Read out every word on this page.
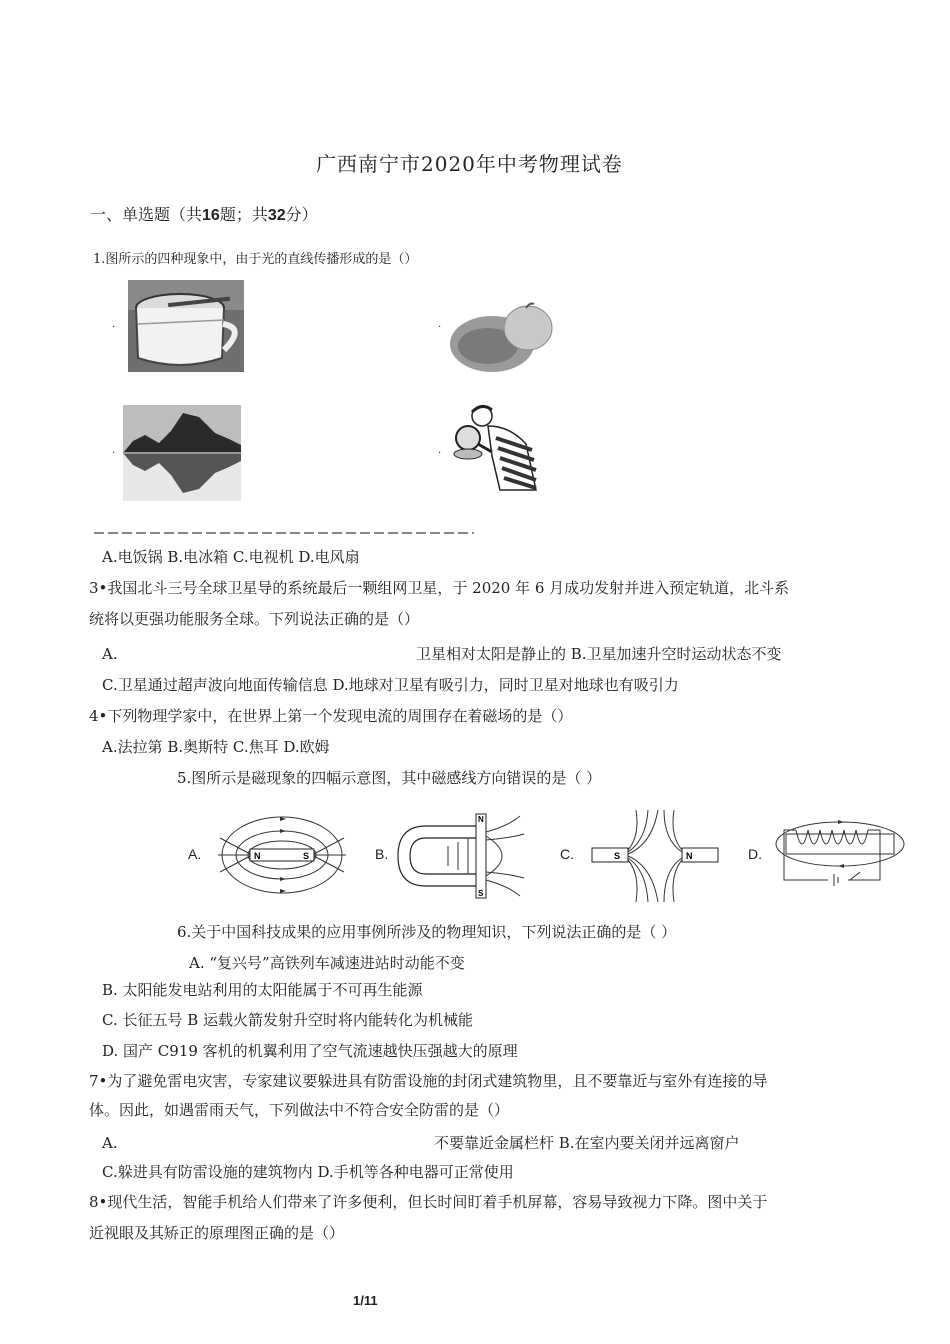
广西南宁市2020年中考物理试卷
一、单选题（共16题；共32分）
1.图所示的四种现象中，由于光的直线传播形成的是（）
·	·
·	·
A.电饭锅 B.电冰箱 C.电视机 D.电风扇
3•我国北斗三号全球卫星导的系统最后一颗组网卫星，于 2020 年 6 月成功发射并进入预定轨道，北斗系
统将以更强功能服务全球。下列说法正确的是（）
A.	卫星相对太阳是静止的 B.卫星加速升空时运动状态不变
C.卫星通过超声波向地面传输信息 D.地球对卫星有吸引力，同时卫星对地球也有吸引力
4•下列物理学家中，在世界上第一个发现电流的周围存在着磁场的是（）
A.法拉第 B.奥斯特 C.焦耳 D.欧姆
5.图所示是磁现象的四幅示意图，其中磁感线方向错误的是（ ）
A.	B.	C.	D.
N	S
N
S
S	N
6.关于中国科技成果的应用事例所涉及的物理知识，下列说法正确的是（ ）
A. “复兴号”高铁列车减速进站时动能不变
B. 太阳能发电站利用的太阳能属于不可再生能源
C. 长征五号 B 运载火箭发射升空时将内能转化为机械能
D. 国产 C919 客机的机翼利用了空气流速越快压强越大的原理
7•为了避免雷电灾害，专家建议要躲进具有防雷设施的封闭式建筑物里，且不要靠近与室外有连接的导
体。因此，如遇雷雨天气，下列做法中不符合安全防雷的是（）
A.	不要靠近金属栏杆 B.在室内要关闭并远离窗户
C.躲进具有防雷设施的建筑物内 D.手机等各种电器可正常使用
8•现代生活，智能手机给人们带来了许多便利，但长时间盯着手机屏幕，容易导致视力下降。图中关于
近视眼及其矫正的原理图正确的是（）
1/11
